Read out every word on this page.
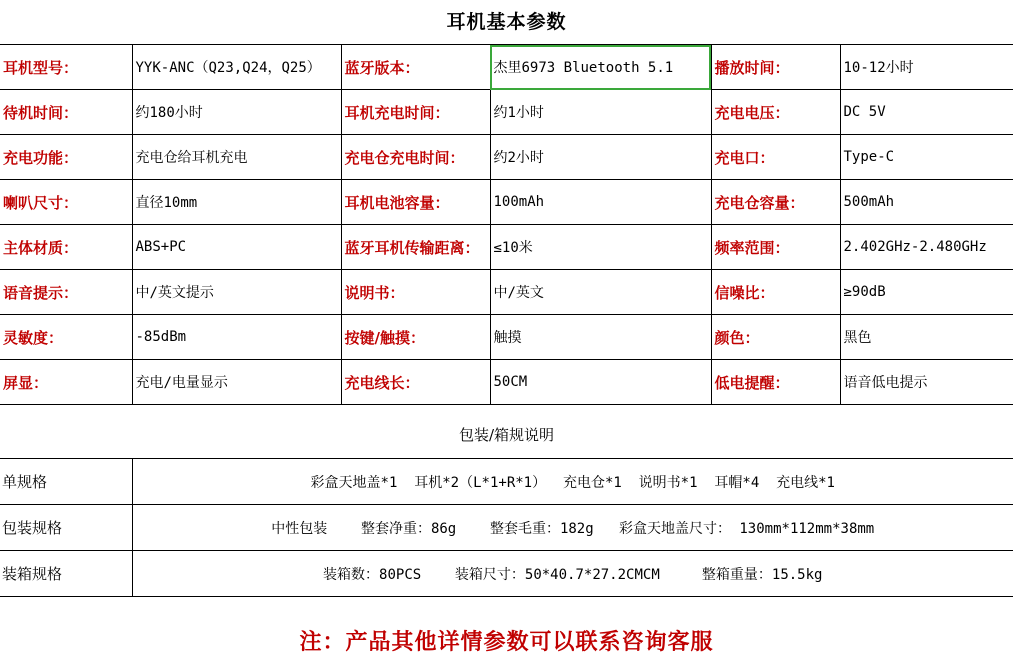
耳机基本参数
耳机型号：	YYK-ANC（Q23,Q24，Q25）	蓝牙版本：	杰里6973 Bluetooth 5.1	播放时间：	10-12小时
待机时间：	约180小时	耳机充电时间：	约1小时	充电电压：	DC 5V
充电功能：	充电仓给耳机充电	充电仓充电时间：	约2小时	充电口：	Type-C
喇叭尺寸：	直径10mm	耳机电池容量：	100mAh	充电仓容量：	500mAh
主体材质：	ABS+PC	蓝牙耳机传输距离：	≤10米	频率范围：	2.402GHz-2.480GHz
语音提示：	中/英文提示	说明书：	中/英文	信噪比：	≥90dB
灵敏度：	-85dBm	按键/触摸：	触摸	颜色：	黑色
屏显：	充电/电量显示	充电线长：	50CM	低电提醒：	语音低电提示
包装/箱规说明
单规格	彩盒天地盖*1  耳机*2（L*1+R*1）  充电仓*1  说明书*1  耳帽*4  充电线*1
包装规格	中性包装    整套净重：86g    整套毛重：182g   彩盒天地盖尺寸： 130mm*112mm*38mm
装箱规格	装箱数：80PCS    装箱尺寸：50*40.7*27.2CMCM     整箱重量：15.5kg
注：产品其他详情参数可以联系咨询客服
